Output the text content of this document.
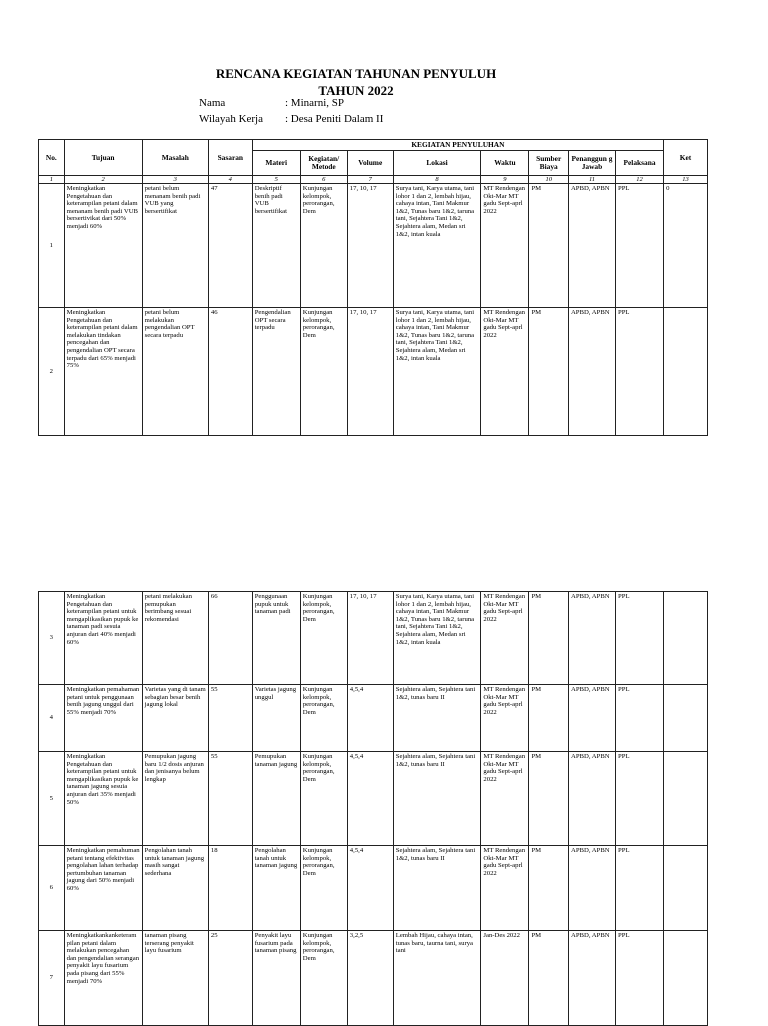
RENCANA KEGIATAN TAHUNAN PENYULUH
TAHUN 2022
Nama	: Minarni, SP
Wilayah Kerja : Desa Peniti Dalam II
No.	Tujuan	Masalah	Sasaran	KEGIATAN PENYULUHAN								Ket
				Materi	Kegiatan/ Metode	Volume	Lokasi	Waktu	Sumber Biaya	Penanggun g Jawab	Pelaksana	
1	2	3	4	5	6	7	8	9	10	11	12	13
1	Meningkatkan Pengetahuan dan keterampilan petani dalam menanam benih padi VUB bersertivikat dari 50% menjadi 60%	petani belum menanam benih padi VUB yang bersertifikat	47	Deskriptif benih padi VUB bersertifikat	Kunjungan kelompok, perorangan, Dem	17, 10, 17	Surya tani, Karya utama, tani lohor 1 dan 2, lembah hijau, cahaya intan, Tani Makmur 1&2, Tunas baru 1&2, taruna tani, Sejahtera Tani 1&2, Sejahtera alam, Medan sri 1&2, intan kuala	MT Rendengan Okt-Mar MT gadu Sept-aprl 2022	PM	APBD, APBN	PPL	0
2	Meningkatkan Pengetahuan dan keterampilan petani dalam melakukan tindakan pencegahan dan pengendalian OPT secara terpadu dari 65% menjadi 75%	petani belum melakukan pengendalian OPT secara terpadu	46	Pengendalian OPT secara terpadu	Kunjungan kelompok, perorangan, Dem	17, 10, 17	Surya tani, Karya utama, tani lohor 1 dan 2, lembah hijau, cahaya intan, Tani Makmur 1&2, Tunas baru 1&2, taruna tani, Sejahtera Tani 1&2, Sejahtera alam, Medan sri 1&2, intan kuala	MT Rendengan Okt-Mar MT gadu Sept-aprl 2022	PM	APBD, APBN	PPL	
3	Meningkatkan Pengetahuan dan keterampilan petani untuk mengaplikasikan pupuk ke tanaman padi sesuia anjuran dari 40% menjadi 60%	petani melakukan pemupukan berimbang sesuai rekomendasi	66	Penggunaan pupuk untuk tanaman padi	Kunjungan kelompok, perorangan, Dem	17, 10, 17	Surya tani, Karya utama, tani lohor 1 dan 2, lembah hijau, cahaya intan, Tani Makmur 1&2, Tunas baru 1&2, taruna tani, Sejahtera Tani 1&2, Sejahtera alam, Medan sri 1&2, intan kuala	MT Rendengan Okt-Mar MT gadu Sept-aprl 2022	PM	APBD, APBN	PPL	
4	Meningkatkan pemahaman petani untuk penggunaan benih jagung unggul dari 55% menjadi 70%	Varietas yang di tanam sebagian besar benih jagung lokal	55	Varietas jagung unggul	Kunjungan kelompok, perorangan, Dem	4,5,4	Sejahtera alam, Sejahtera tani 1&2, tunas baru II	MT Rendengan Okt-Mar MT gadu Sept-aprl 2022	PM	APBD, APBN	PPL	
5	Meningkatkan Pengetahuan dan keterampilan petani untuk mengaplikasikan pupuk ke tanaman jagung sesuia anjuran dari 35% menjadi 50%	Pemupukan jagung baru 1/2 dosis anjuran dan jenisanya belum lengkap	55	Pemupukan tanaman jagung	Kunjungan kelompok, perorangan, Dem	4,5,4	Sejahtera alam, Sejahtera tani 1&2, tunas baru II	MT Rendengan Okt-Mar MT gadu Sept-aprl 2022	PM	APBD, APBN	PPL	
6	Meningkatkan pemahuman petani tentang efektivitas pengolahan lahan terhadap pertumbuhan tanaman jagung dari 50% menjadi 60%	Pengolahan tanah untuk tanaman jagung masih sangat sederhana	18	Pengolahan tanah untuk tanaman jagung	Kunjungan kelompok, perorangan, Dem	4,5,4	Sejahtera alam, Sejahtera tani 1&2, tunas baru II	MT Rendengan Okt-Mar MT gadu Sept-aprl 2022	PM	APBD, APBN	PPL	
7	Meningkatkankanketerampilan petani dalam melakukan pencegahan dan pengendalian serangan penyakit layu fusarium pada pisang dari 55% menjadi 70%	tanaman pisang terserang penyakit layu fusarium	25	Penyakit layu fusarium pada tanaman pisang	Kunjungan kelompok, perorangan, Dem	3,2,5	Lembah Hijau, cahaya intan, tunas baru, taurna tani, surya tani	Jan-Des 2022	PM	APBD, APBN	PPL	
